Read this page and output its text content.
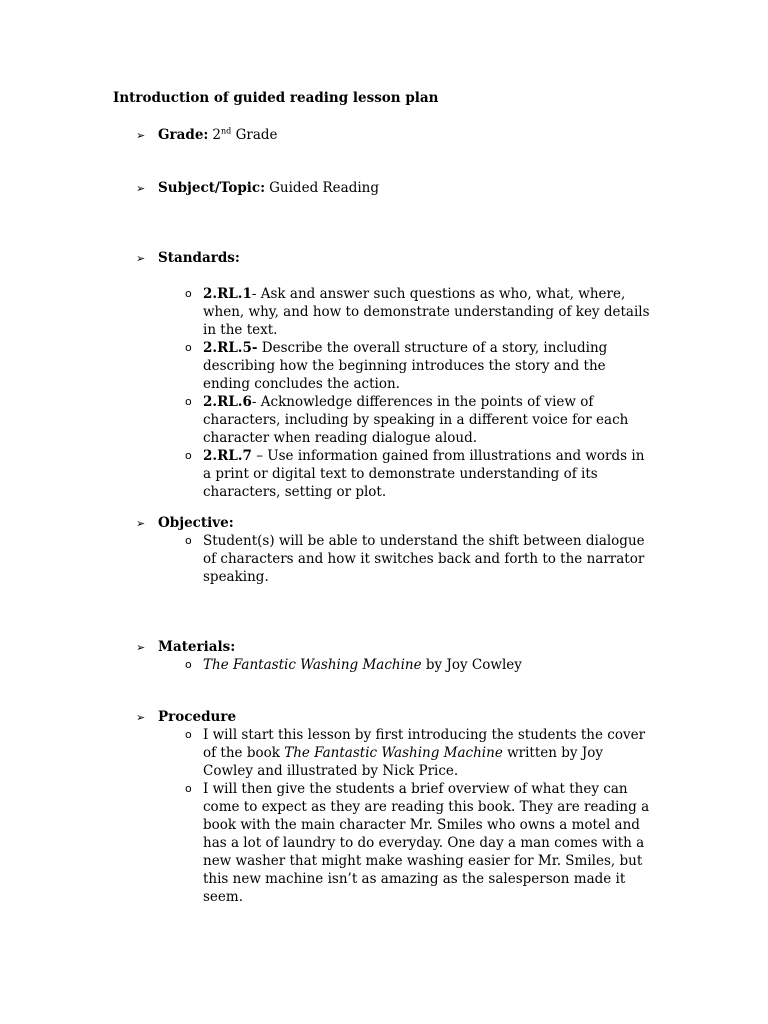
Introduction of guided reading lesson plan
➢ Grade: 2nd Grade
➢ Subject/Topic: Guided Reading
➢ Standards:
o 2.RL.1- Ask and answer such questions as who, what, where, when, why, and how to demonstrate understanding of key details in the text.
o 2.RL.5- Describe the overall structure of a story, including describing how the beginning introduces the story and the ending concludes the action.
o 2.RL.6- Acknowledge differences in the points of view of characters, including by speaking in a different voice for each character when reading dialogue aloud.
o 2.RL.7 – Use information gained from illustrations and words in a print or digital text to demonstrate understanding of its characters, setting or plot.
➢ Objective:
o Student(s) will be able to understand the shift between dialogue of characters and how it switches back and forth to the narrator speaking.
➢ Materials:
o The Fantastic Washing Machine by Joy Cowley
➢ Procedure
o I will start this lesson by first introducing the students the cover of the book The Fantastic Washing Machine written by Joy Cowley and illustrated by Nick Price.
o I will then give the students a brief overview of what they can come to expect as they are reading this book. They are reading a book with the main character Mr. Smiles who owns a motel and has a lot of laundry to do everyday. One day a man comes with a new washer that might make washing easier for Mr. Smiles, but this new machine isn’t as amazing as the salesperson made it seem.
